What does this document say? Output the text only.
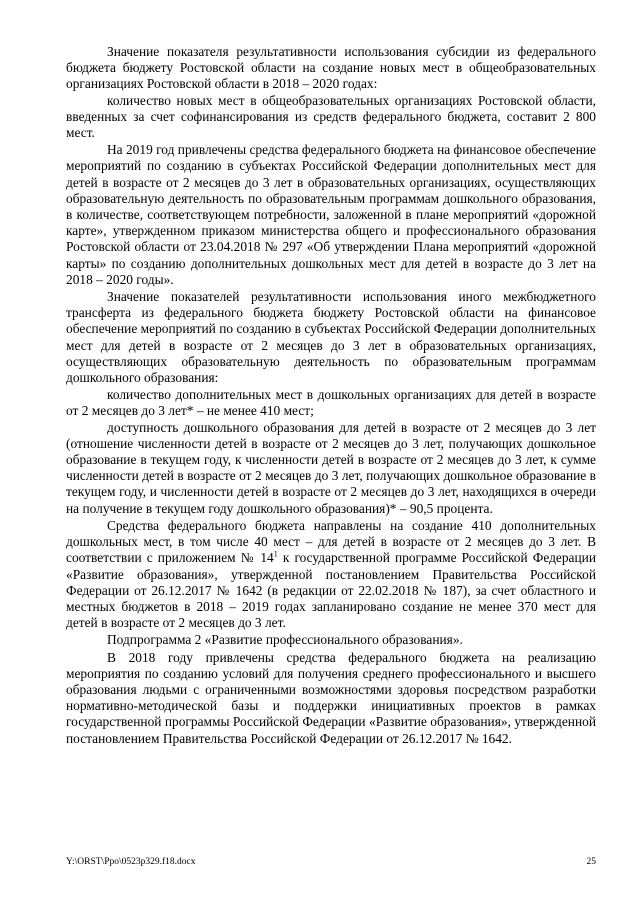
Значение показателя результативности использования субсидии из федерального бюджета бюджету Ростовской области на создание новых мест в общеобразовательных организациях Ростовской области в 2018 – 2020 годах:

количество новых мест в общеобразовательных организациях Ростовской области, введенных за счет софинансирования из средств федерального бюджета, составит 2 800 мест.

На 2019 год привлечены средства федерального бюджета на финансовое обеспечение мероприятий по созданию в субъектах Российской Федерации дополнительных мест для детей в возрасте от 2 месяцев до 3 лет в образовательных организациях, осуществляющих образовательную деятельность по образовательным программам дошкольного образования, в количестве, соответствующем потребности, заложенной в плане мероприятий «дорожной карте», утвержденном приказом министерства общего и профессионального образования Ростовской области от 23.04.2018 № 297 «Об утверждении Плана мероприятий «дорожной карты» по созданию дополнительных дошкольных мест для детей в возрасте до 3 лет на 2018 – 2020 годы».

Значение показателей результативности использования иного межбюджетного трансферта из федерального бюджета бюджету Ростовской области на финансовое обеспечение мероприятий по созданию в субъектах Российской Федерации дополнительных мест для детей в возрасте от 2 месяцев до 3 лет в образовательных организациях, осуществляющих образовательную деятельность по образовательным программам дошкольного образования:

количество дополнительных мест в дошкольных организациях для детей в возрасте от 2 месяцев до 3 лет* – не менее 410 мест;

доступность дошкольного образования для детей в возрасте от 2 месяцев до 3 лет (отношение численности детей в возрасте от 2 месяцев до 3 лет, получающих дошкольное образование в текущем году, к численности детей в возрасте от 2 месяцев до 3 лет, к сумме численности детей в возрасте от 2 месяцев до 3 лет, получающих дошкольное образование в текущем году, и численности детей в возрасте от 2 месяцев до 3 лет, находящихся в очереди на получение в текущем году дошкольного образования)* – 90,5 процента.

Средства федерального бюджета направлены на создание 410 дополнительных дошкольных мест, в том числе 40 мест – для детей в возрасте от 2 месяцев до 3 лет. В соответствии с приложением № $14^1$ к государственной программе Российской Федерации «Развитие образования», утвержденной постановлением Правительства Российской Федерации от 26.12.2017 № 1642 (в редакции от 22.02.2018 № 187), за счет областного и местных бюджетов в 2018 – 2019 годах запланировано создание не менее 370 мест для детей в возрасте от 2 месяцев до 3 лет.

Подпрограмма 2 «Развитие профессионального образования».

В 2018 году привлечены средства федерального бюджета на реализацию мероприятия по созданию условий для получения среднего профессионального и высшего образования людьми с ограниченными возможностями здоровья посредством разработки нормативно-методической базы и поддержки инициативных проектов в рамках государственной программы Российской Федерации «Развитие образования», утвержденной постановлением Правительства Российской Федерации от 26.12.2017 № 1642.

Y:\ORST\Ppo\0523p329.f18.docx	25
